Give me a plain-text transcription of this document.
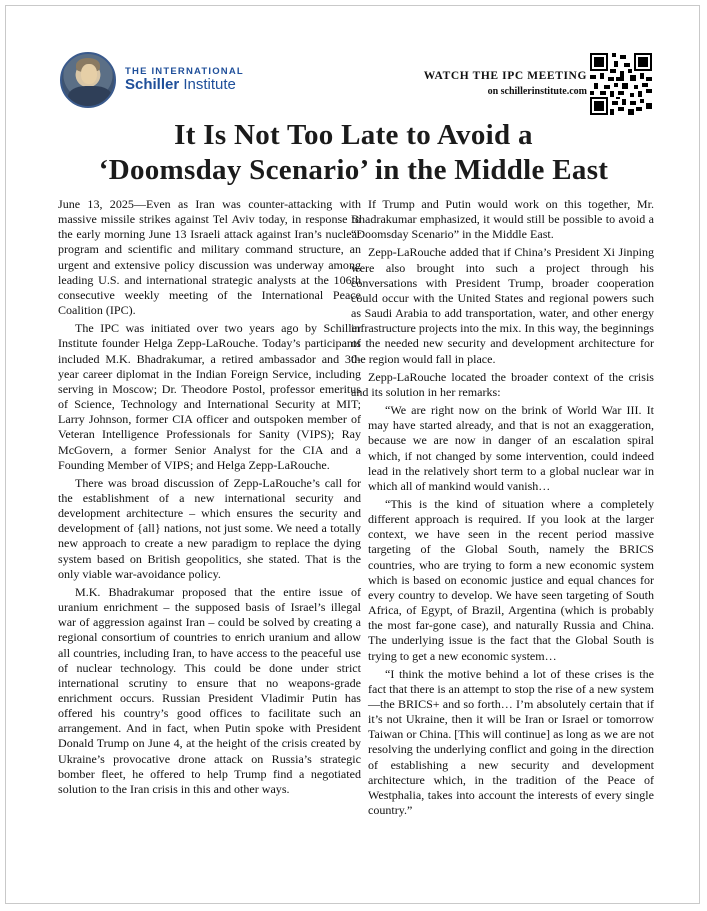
THE INTERNATIONAL
Schiller Institute	WATCH THE IPC MEETING
on schillerinstitute.com
It Is Not Too Late to Avoid a
‘Doomsday Scenario’ in the Middle East

June 13, 2025—Even as Iran was counter-attacking with massive missile strikes against Tel Aviv today, in response to the early morning June 13 Israeli attack against Iran’s nuclear program and scientific and military command structure, an urgent and extensive policy discussion was underway among leading U.S. and international strategic analysts at the 106th consecutive weekly meeting of the International Peace Coalition (IPC).

The IPC was initiated over two years ago by Schiller Institute founder Helga Zepp-LaRouche. Today’s participants included M.K. Bhadrakumar, a retired ambassador and 30-year career diplomat in the Indian Foreign Service, including serving in Moscow; Dr. Theodore Postol, professor emeritus of Science, Technology and International Security at MIT; Larry Johnson, former CIA officer and outspoken member of Veteran Intelligence Professionals for Sanity (VIPS); Ray McGovern, a former Senior Analyst for the CIA and a Founding Member of VIPS; and Helga Zepp-LaRouche.

There was broad discussion of Zepp-LaRouche’s call for the establishment of a new international security and development architecture – which ensures the security and development of {all} nations, not just some. We need a totally new approach to create a new paradigm to replace the dying system based on British geopolitics, she stated. That is the only viable war-avoidance policy.

M.K. Bhadrakumar proposed that the entire issue of uranium enrichment – the supposed basis of Israel’s illegal war of aggression against Iran – could be solved by creating a regional consortium of countries to enrich uranium and allow all countries, including Iran, to have access to the peaceful use of nuclear technology. This could be done under strict international scrutiny to ensure that no weapons-grade enrichment occurs. Russian President Vladimir Putin has offered his country’s good offices to facilitate such an arrangement. And in fact, when Putin spoke with President Donald Trump on June 4, at the height of the crisis created by Ukraine’s provocative drone attack on Russia’s strategic bomber fleet, he offered to help Trump find a negotiated solution to the Iran crisis in this and other ways.

If Trump and Putin would work on this together, Mr. Bhadrakumar emphasized, it would still be possible to avoid a “Doomsday Scenario” in the Middle East.

Zepp-LaRouche added that if China’s President Xi Jinping were also brought into such a project through his conversations with President Trump, broader cooperation could occur with the United States and regional powers such as Saudi Arabia to add transportation, water, and other energy infrastructure projects into the mix. In this way, the beginnings of the needed new security and development architecture for the region would fall in place.

Zepp-LaRouche located the broader context of the crisis and its solution in her remarks:

“We are right now on the brink of World War III. It may have started already, and that is not an exaggeration, because we are now in danger of an escalation spiral which, if not changed by some intervention, could indeed lead in the relatively short term to a global nuclear war in which all of mankind would vanish…

“This is the kind of situation where a completely different approach is required. If you look at the larger context, we have seen in the recent period massive targeting of the Global South, namely the BRICS countries, who are trying to form a new economic system which is based on economic justice and equal chances for every country to develop. We have seen targeting of South Africa, of Egypt, of Brazil, Argentina (which is probably the most far-gone case), and naturally Russia and China. The underlying issue is the fact that the Global South is trying to get a new economic system…

“I think the motive behind a lot of these crises is the fact that there is an attempt to stop the rise of a new system—the BRICS+ and so forth… I’m absolutely certain that if it’s not Ukraine, then it will be Iran or Israel or tomorrow Taiwan or China. [This will continue] as long as we are not resolving the underlying conflict and going in the direction of establishing a new security and development architecture which, in the tradition of the Peace of Westphalia, takes into account the interests of every single country.”
